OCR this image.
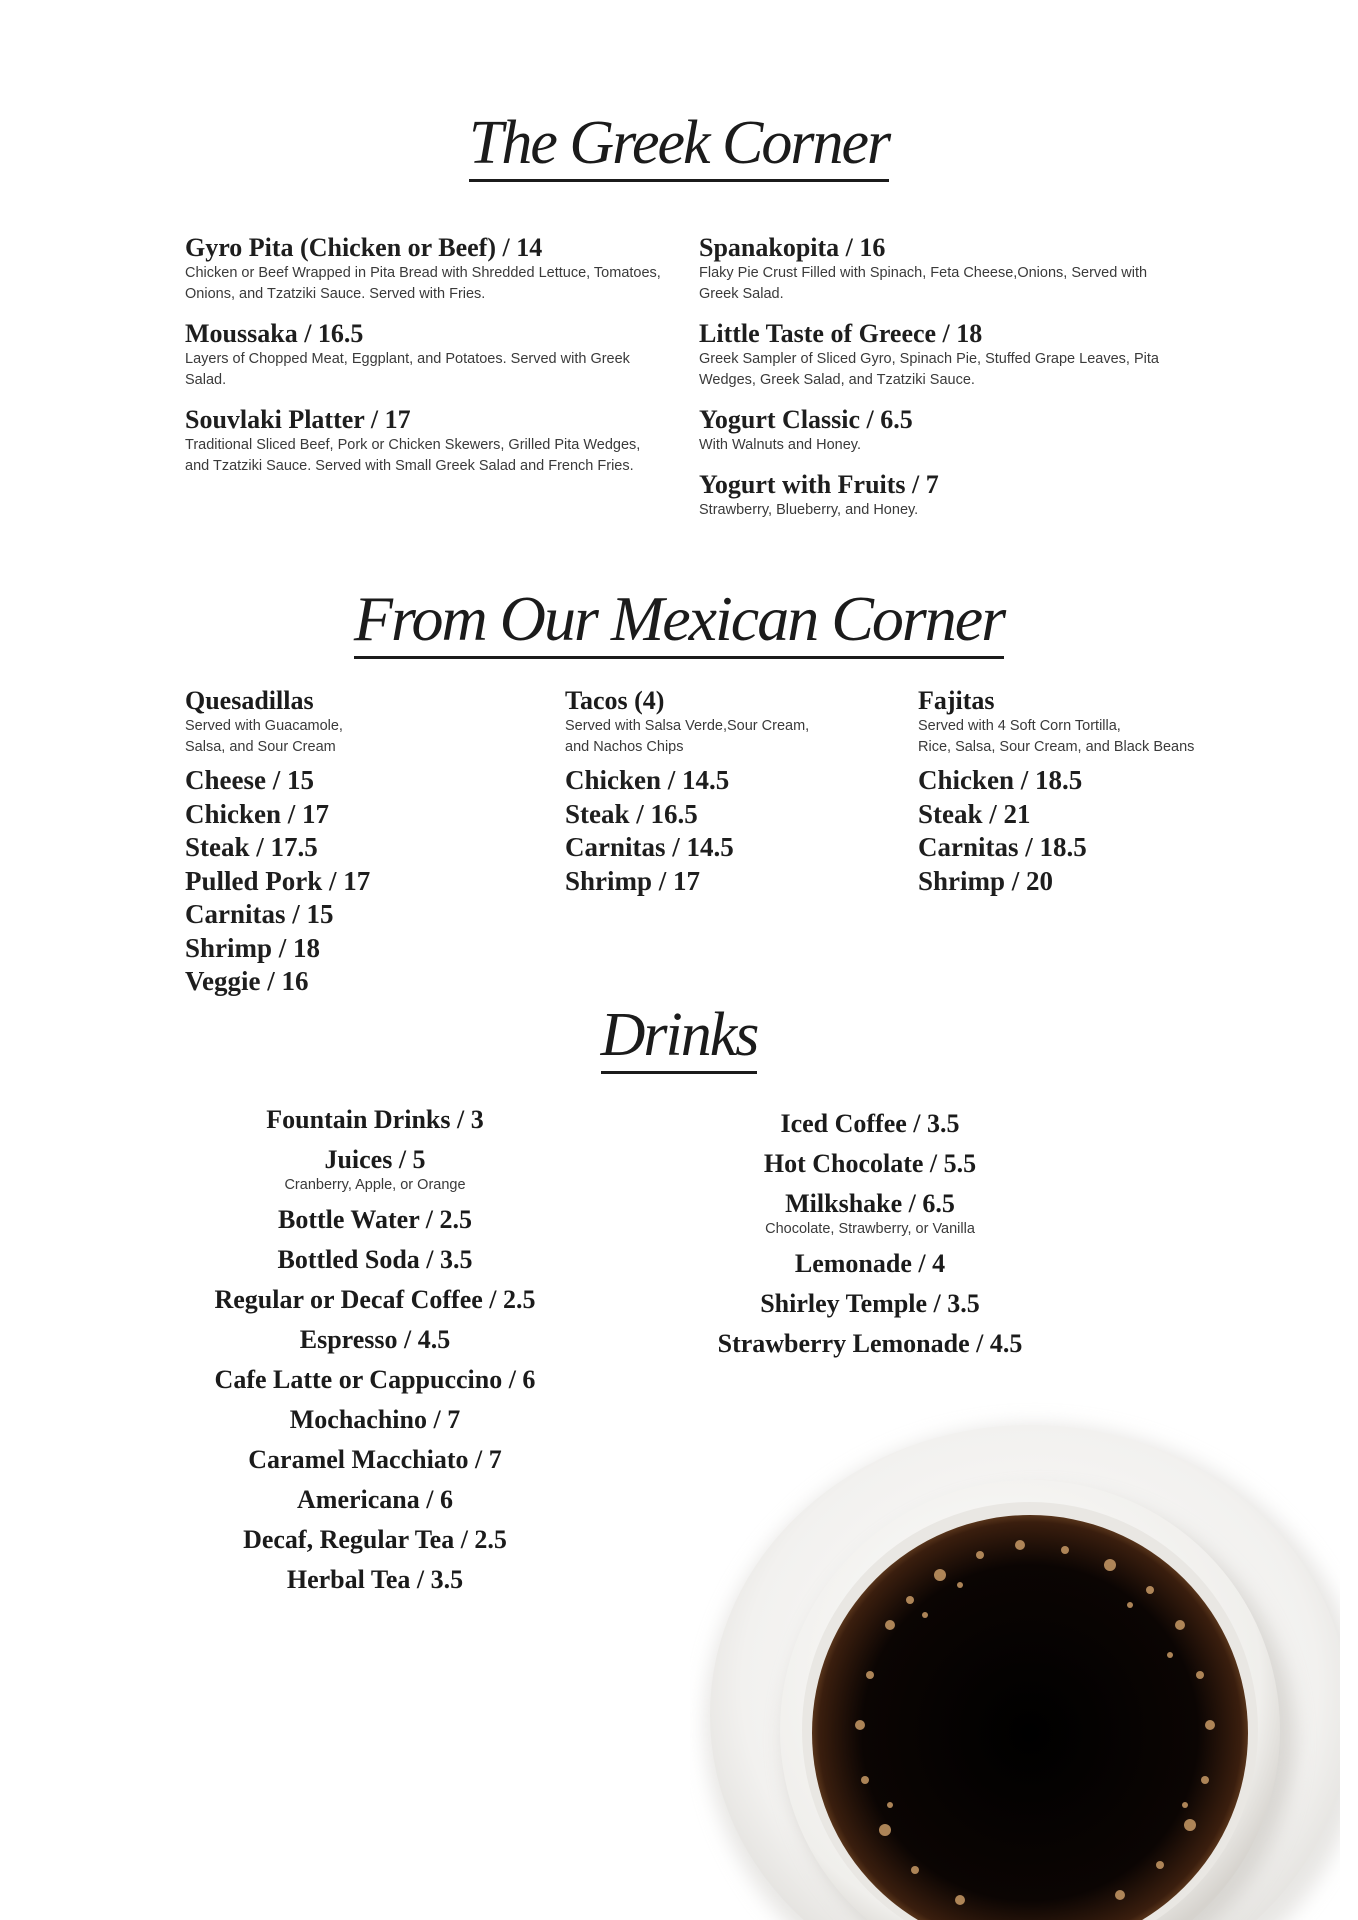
The Greek Corner
Gyro Pita (Chicken or Beef) / 14
Chicken or Beef Wrapped in Pita Bread with Shredded Lettuce, Tomatoes, Onions, and Tzatziki Sauce. Served with Fries.
Moussaka / 16.5
Layers of Chopped Meat, Eggplant, and Potatoes. Served with Greek Salad.
Souvlaki Platter / 17
Traditional Sliced Beef, Pork or Chicken Skewers, Grilled Pita Wedges, and Tzatziki Sauce. Served with Small Greek Salad and French Fries.
Spanakopita / 16
Flaky Pie Crust Filled with Spinach, Feta Cheese,Onions, Served with Greek Salad.
Little Taste of Greece / 18
Greek Sampler of Sliced Gyro, Spinach Pie, Stuffed Grape Leaves, Pita Wedges, Greek Salad, and Tzatziki Sauce.
Yogurt Classic / 6.5
With Walnuts and Honey.
Yogurt with Fruits / 7
Strawberry, Blueberry, and Honey.
From Our Mexican Corner
Quesadillas
Served with Guacamole,
Salsa, and Sour Cream
Cheese / 15
Chicken / 17
Steak / 17.5
Pulled Pork / 17
Carnitas / 15
Shrimp / 18
Veggie / 16
Tacos (4)
Served with Salsa Verde,Sour Cream,
and Nachos Chips
Chicken / 14.5
Steak / 16.5
Carnitas / 14.5
Shrimp / 17
Fajitas
Served with 4 Soft Corn Tortilla,
Rice, Salsa, Sour Cream, and Black Beans
Chicken / 18.5
Steak / 21
Carnitas / 18.5
Shrimp / 20
Drinks
Fountain Drinks / 3
Juices / 5
Cranberry, Apple, or Orange
Bottle Water / 2.5
Bottled Soda / 3.5
Regular or Decaf Coffee / 2.5
Espresso / 4.5
Cafe Latte or Cappuccino / 6
Mochachino / 7
Caramel Macchiato / 7
Americana / 6
Decaf, Regular Tea / 2.5
Herbal Tea / 3.5
Iced Coffee / 3.5
Hot Chocolate / 5.5
Milkshake / 6.5
Chocolate, Strawberry, or Vanilla
Lemonade / 4
Shirley Temple / 3.5
Strawberry Lemonade / 4.5
